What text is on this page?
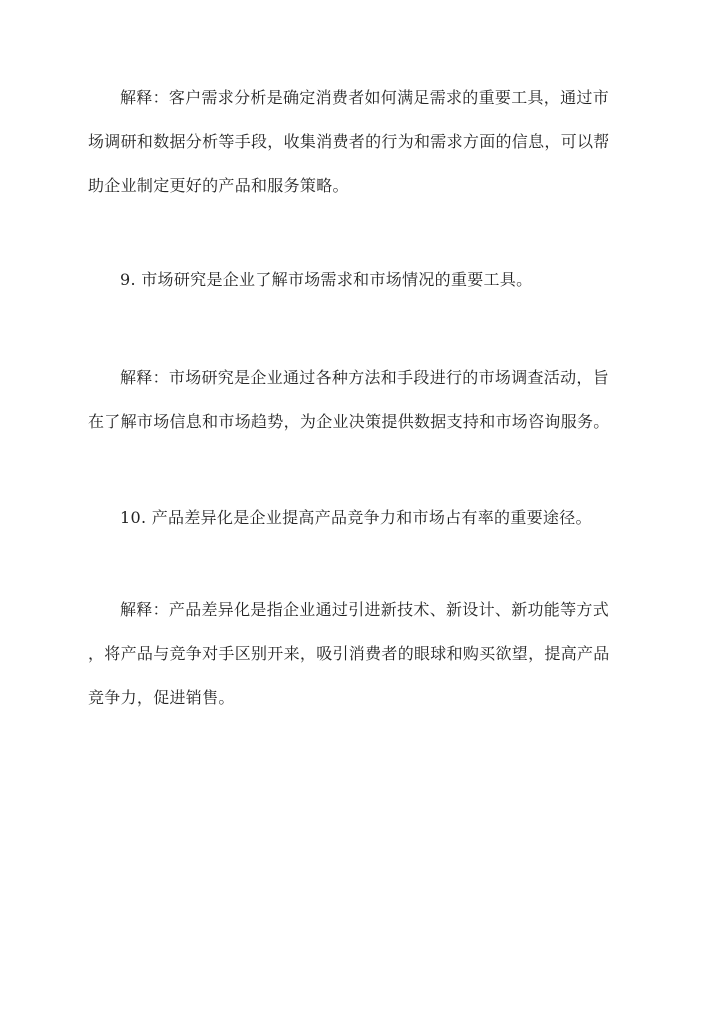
解释：客户需求分析是确定消费者如何满足需求的重要工具，通过市
场调研和数据分析等手段，收集消费者的行为和需求方面的信息，可以帮
助企业制定更好的产品和服务策略。
9. 市场研究是企业了解市场需求和市场情况的重要工具。
解释：市场研究是企业通过各种方法和手段进行的市场调查活动，旨
在了解市场信息和市场趋势，为企业决策提供数据支持和市场咨询服务。
10. 产品差异化是企业提高产品竞争力和市场占有率的重要途径。
解释：产品差异化是指企业通过引进新技术、新设计、新功能等方式
，将产品与竞争对手区别开来，吸引消费者的眼球和购买欲望，提高产品
竞争力，促进销售。
